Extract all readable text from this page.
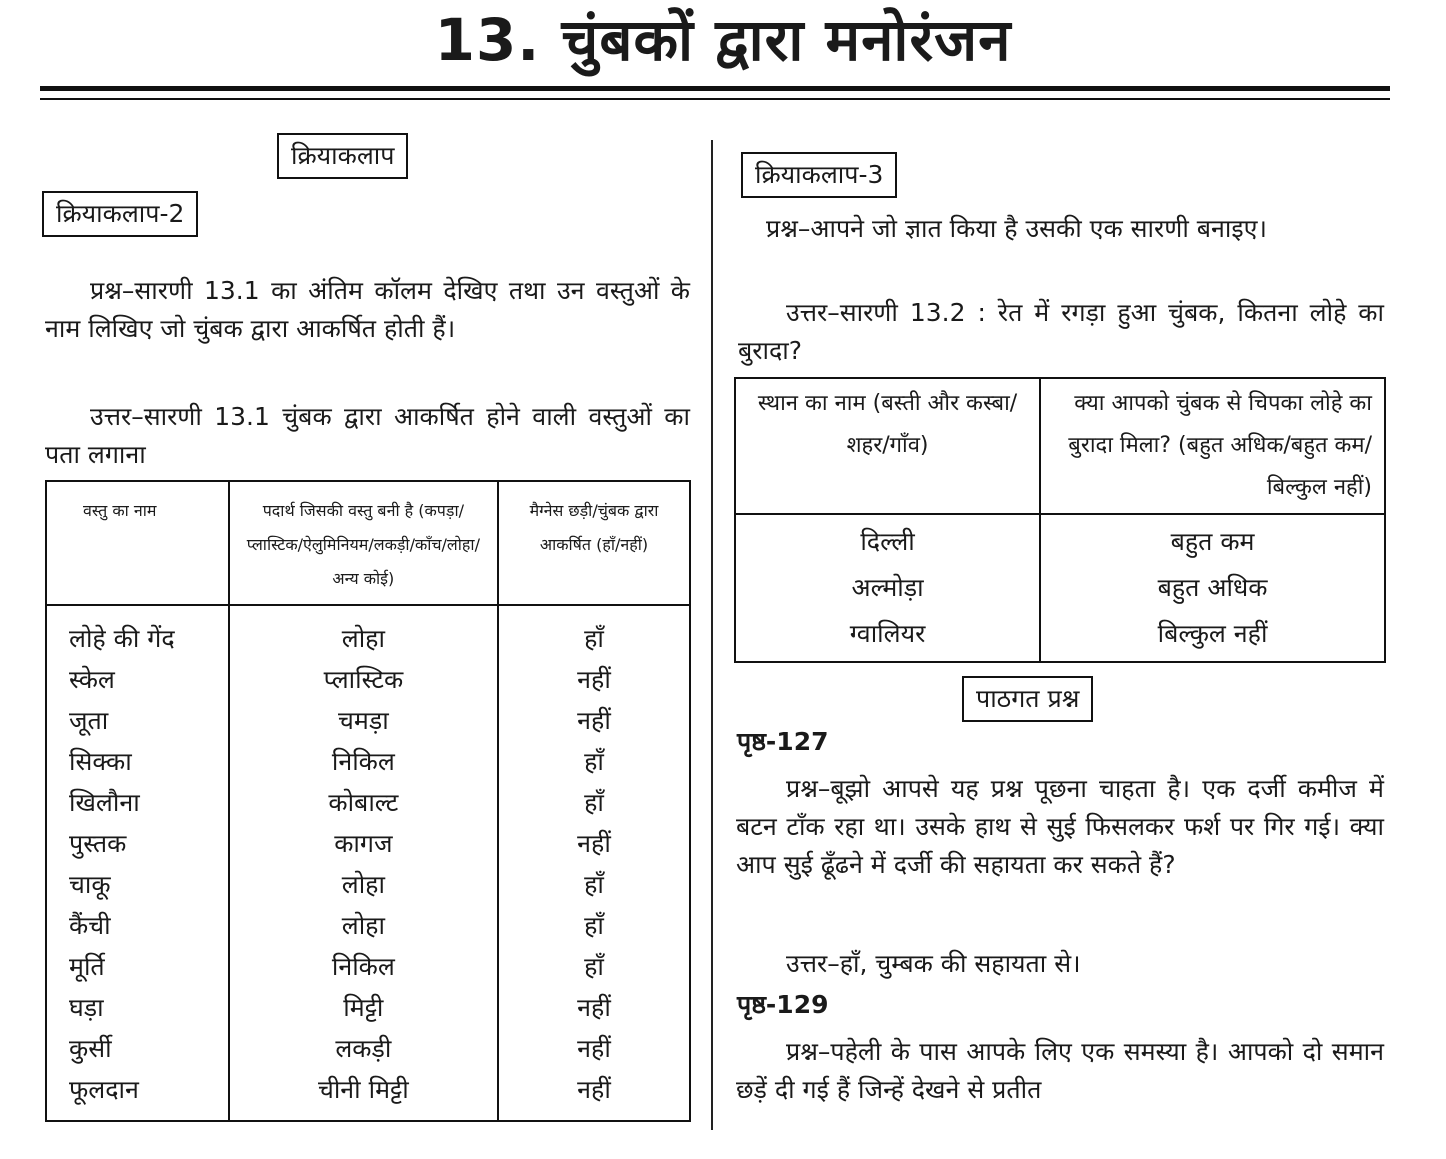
13. चुंबकों द्वारा मनोरंजन
क्रियाकलाप
क्रियाकलाप-2
प्रश्न–सारणी 13.1 का अंतिम कॉलम देखिए तथा उन वस्तुओं के नाम लिखिए जो चुंबक द्वारा आकर्षित होती हैं।
उत्तर–सारणी 13.1 चुंबक द्वारा आकर्षित होने वाली वस्तुओं का पता लगाना
वस्तु का नाम	पदार्थ जिसकी वस्तु बनी है (कपड़ा/प्लास्टिक/ऐलुमिनियम/लकड़ी/काँच/लोहा/अन्य कोई)	मैग्नेस छड़ी/चुंबक द्वारा आकर्षित (हाँ/नहीं)
लोहे की गेंद	लोहा	हाँ
स्केल	प्लास्टिक	नहीं
जूता	चमड़ा	नहीं
सिक्का	निकिल	हाँ
खिलौना	कोबाल्ट	हाँ
पुस्तक	कागज	नहीं
चाकू	लोहा	हाँ
कैंची	लोहा	हाँ
मूर्ति	निकिल	हाँ
घड़ा	मिट्टी	नहीं
कुर्सी	लकड़ी	नहीं
फूलदान	चीनी मिट्टी	नहीं
क्रियाकलाप-3
प्रश्न–आपने जो ज्ञात किया है उसकी एक सारणी बनाइए।
उत्तर–सारणी 13.2 : रेत में रगड़ा हुआ चुंबक, कितना लोहे का बुरादा?
स्थान का नाम (बस्ती और कस्बा/शहर/गाँव)	क्या आपको चुंबक से चिपका लोहे का बुरादा मिला? (बहुत अधिक/बहुत कम/बिल्कुल नहीं)
दिल्ली	बहुत कम
अल्मोड़ा	बहुत अधिक
ग्वालियर	बिल्कुल नहीं
पाठगत प्रश्न
पृष्ठ-127
प्रश्न–बूझो आपसे यह प्रश्न पूछना चाहता है। एक दर्जी कमीज में बटन टाँक रहा था। उसके हाथ से सुई फिसलकर फर्श पर गिर गई। क्या आप सुई ढूँढने में दर्जी की सहायता कर सकते हैं?
उत्तर–हाँ, चुम्बक की सहायता से।
पृष्ठ-129
प्रश्न–पहेली के पास आपके लिए एक समस्या है। आपको दो समान छड़ें दी गई हैं जिन्हें देखने से प्रतीत
